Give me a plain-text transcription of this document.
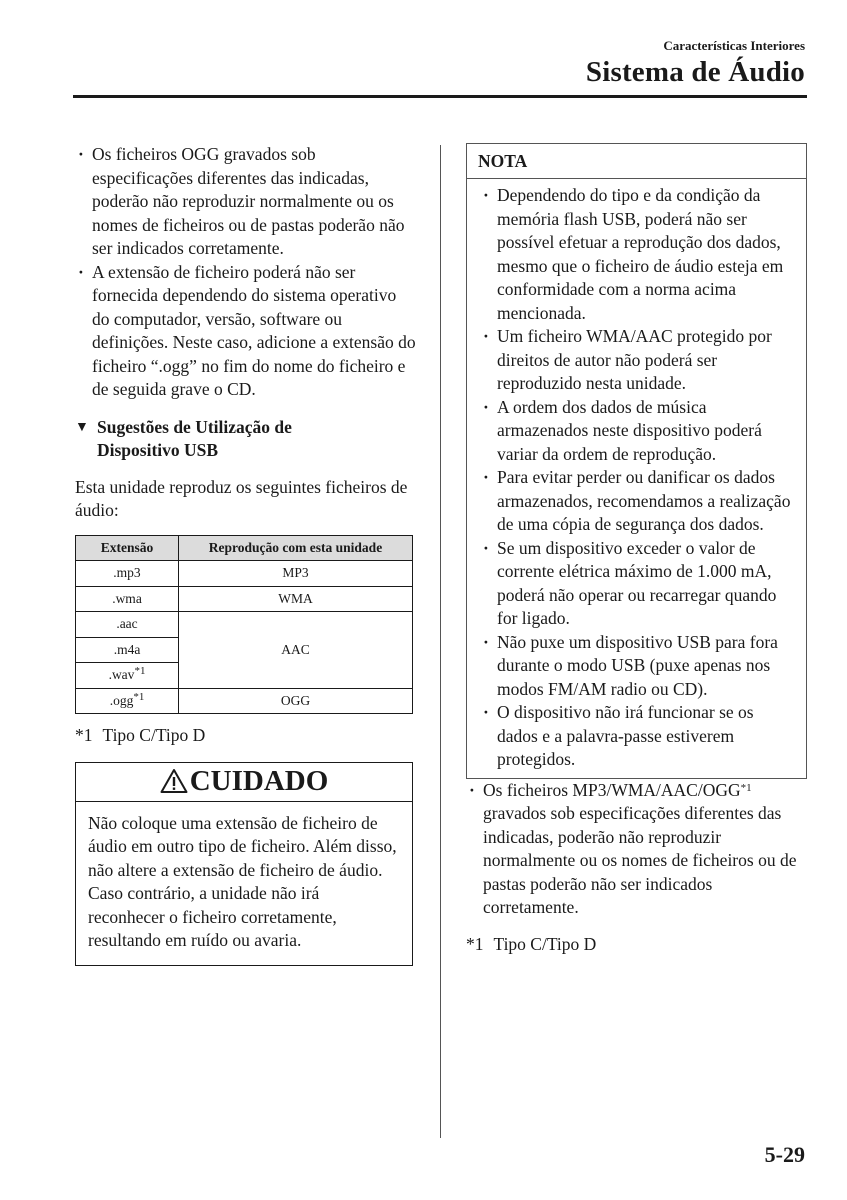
Características Interiores
Sistema de Áudio
· Os ficheiros OGG gravados sob especificações diferentes das indicadas, poderão não reproduzir normalmente ou os nomes de ficheiros ou de pastas poderão não ser indicados corretamente.
· A extensão de ficheiro poderá não ser fornecida dependendo do sistema operativo do computador, versão, software ou definições. Neste caso, adicione a extensão do ficheiro “.ogg” no fim do nome do ficheiro e de seguida grave o CD.
▼ Sugestões de Utilização de
Dispositivo USB

Esta unidade reproduz os seguintes ficheiros de áudio:

Extensão	Reprodução com esta unidade
.mp3	MP3
.wma	WMA
.aac	AAC
.m4a	
.wav$^{*1}$
.ogg$^{*1}$	OGG
*1 Tipo C/Tipo D
CUIDADO
Não coloque uma extensão de ficheiro de áudio em outro tipo de ficheiro. Além disso, não altere a extensão de ficheiro de áudio. Caso contrário, a unidade não irá reconhecer o ficheiro corretamente, resultando em ruído ou avaria.
NOTA
· Dependendo do tipo e da condição da memória flash USB, poderá não ser possível efetuar a reprodução dos dados, mesmo que o ficheiro de áudio esteja em conformidade com a norma acima mencionada.
· Um ficheiro WMA/AAC protegido por direitos de autor não poderá ser reproduzido nesta unidade.
· A ordem dos dados de música armazenados neste dispositivo poderá variar da ordem de reprodução.
· Para evitar perder ou danificar os dados armazenados, recomendamos a realização de uma cópia de segurança dos dados.
· Se um dispositivo exceder o valor de corrente elétrica máximo de 1.000 mA, poderá não operar ou recarregar quando for ligado.
· Não puxe um dispositivo USB para fora durante o modo USB (puxe apenas nos modos FM/AM radio ou CD).
· O dispositivo não irá funcionar se os dados e a palavra-passe estiverem protegidos.
· Os ficheiros MP3/WMA/AAC/OGG$^{*1}$ gravados sob especificações diferentes das indicadas, poderão não reproduzir normalmente ou os nomes de ficheiros ou de pastas poderão não ser indicados corretamente.
*1 Tipo C/Tipo D
5-29
